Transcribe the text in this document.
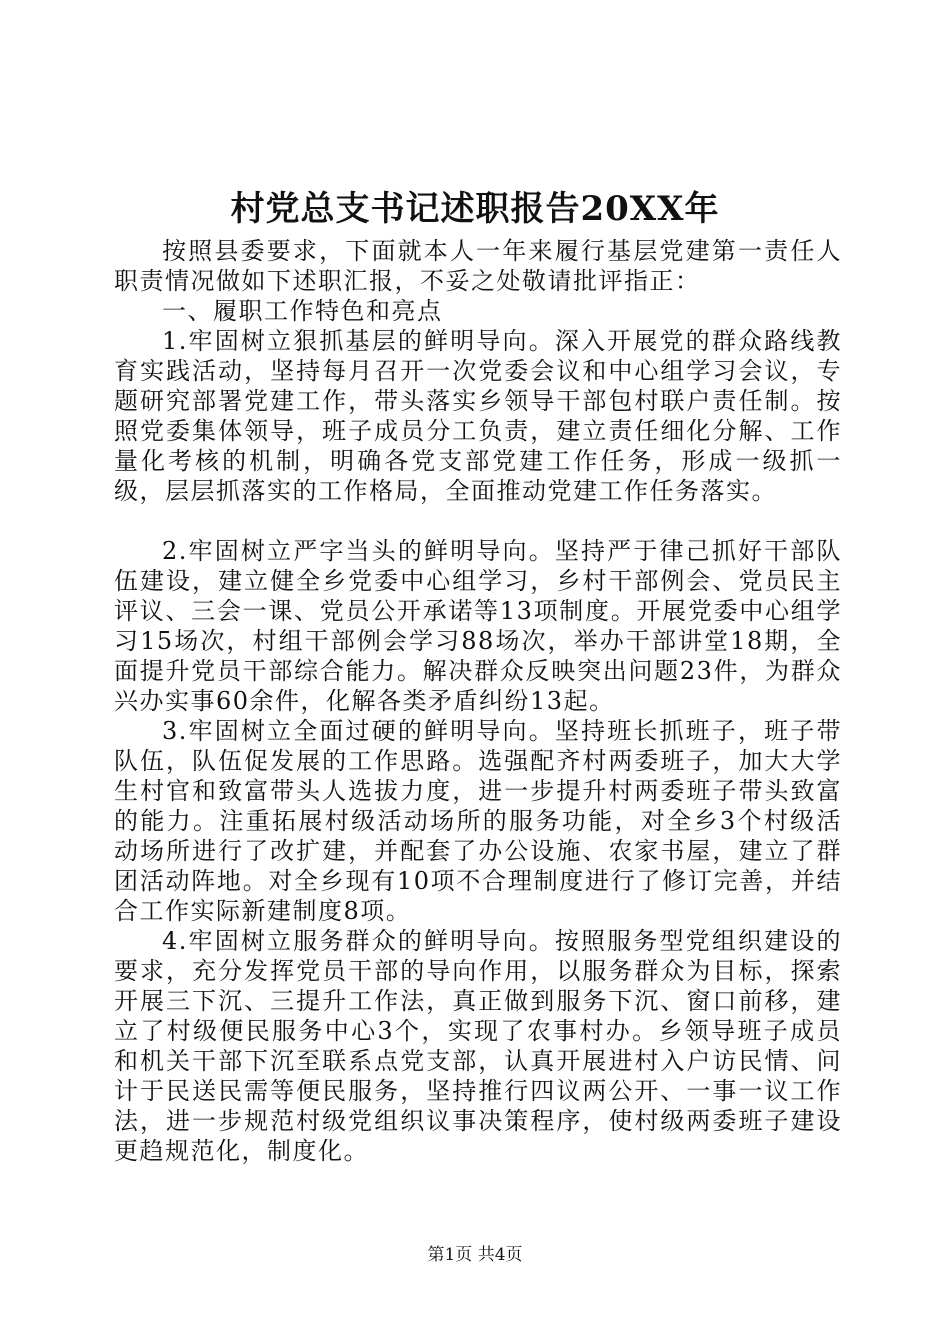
村党总支书记述职报告20XX年

按照县委要求，下面就本人一年来履行基层党建第一责任人职责情况做如下述职汇报，不妥之处敬请批评指正：

一、履职工作特色和亮点

1.牢固树立狠抓基层的鲜明导向。深入开展党的群众路线教育实践活动，坚持每月召开一次党委会议和中心组学习会议，专题研究部署党建工作，带头落实乡领导干部包村联户责任制。按照党委集体领导，班子成员分工负责，建立责任细化分解、工作量化考核的机制，明确各党支部党建工作任务，形成一级抓一级，层层抓落实的工作格局，全面推动党建工作任务落实。

2.牢固树立严字当头的鲜明导向。坚持严于律己抓好干部队伍建设，建立健全乡党委中心组学习，乡村干部例会、党员民主评议、三会一课、党员公开承诺等13项制度。开展党委中心组学习15场次，村组干部例会学习88场次，举办干部讲堂18期，全面提升党员干部综合能力。解决群众反映突出问题23件，为群众兴办实事60余件，化解各类矛盾纠纷13起。

3.牢固树立全面过硬的鲜明导向。坚持班长抓班子，班子带队伍，队伍促发展的工作思路。选强配齐村两委班子，加大大学生村官和致富带头人选拔力度，进一步提升村两委班子带头致富的能力。注重拓展村级活动场所的服务功能，对全乡3个村级活动场所进行了改扩建，并配套了办公设施、农家书屋，建立了群团活动阵地。对全乡现有10项不合理制度进行了修订完善，并结合工作实际新建制度8项。

4.牢固树立服务群众的鲜明导向。按照服务型党组织建设的要求，充分发挥党员干部的导向作用，以服务群众为目标，探索开展三下沉、三提升工作法，真正做到服务下沉、窗口前移，建立了村级便民服务中心3个，实现了农事村办。乡领导班子成员和机关干部下沉至联系点党支部，认真开展进村入户访民情、问计于民送民需等便民服务，坚持推行四议两公开、一事一议工作法，进一步规范村级党组织议事决策程序，使村级两委班子建设更趋规范化，制度化。

第1页 共4页
